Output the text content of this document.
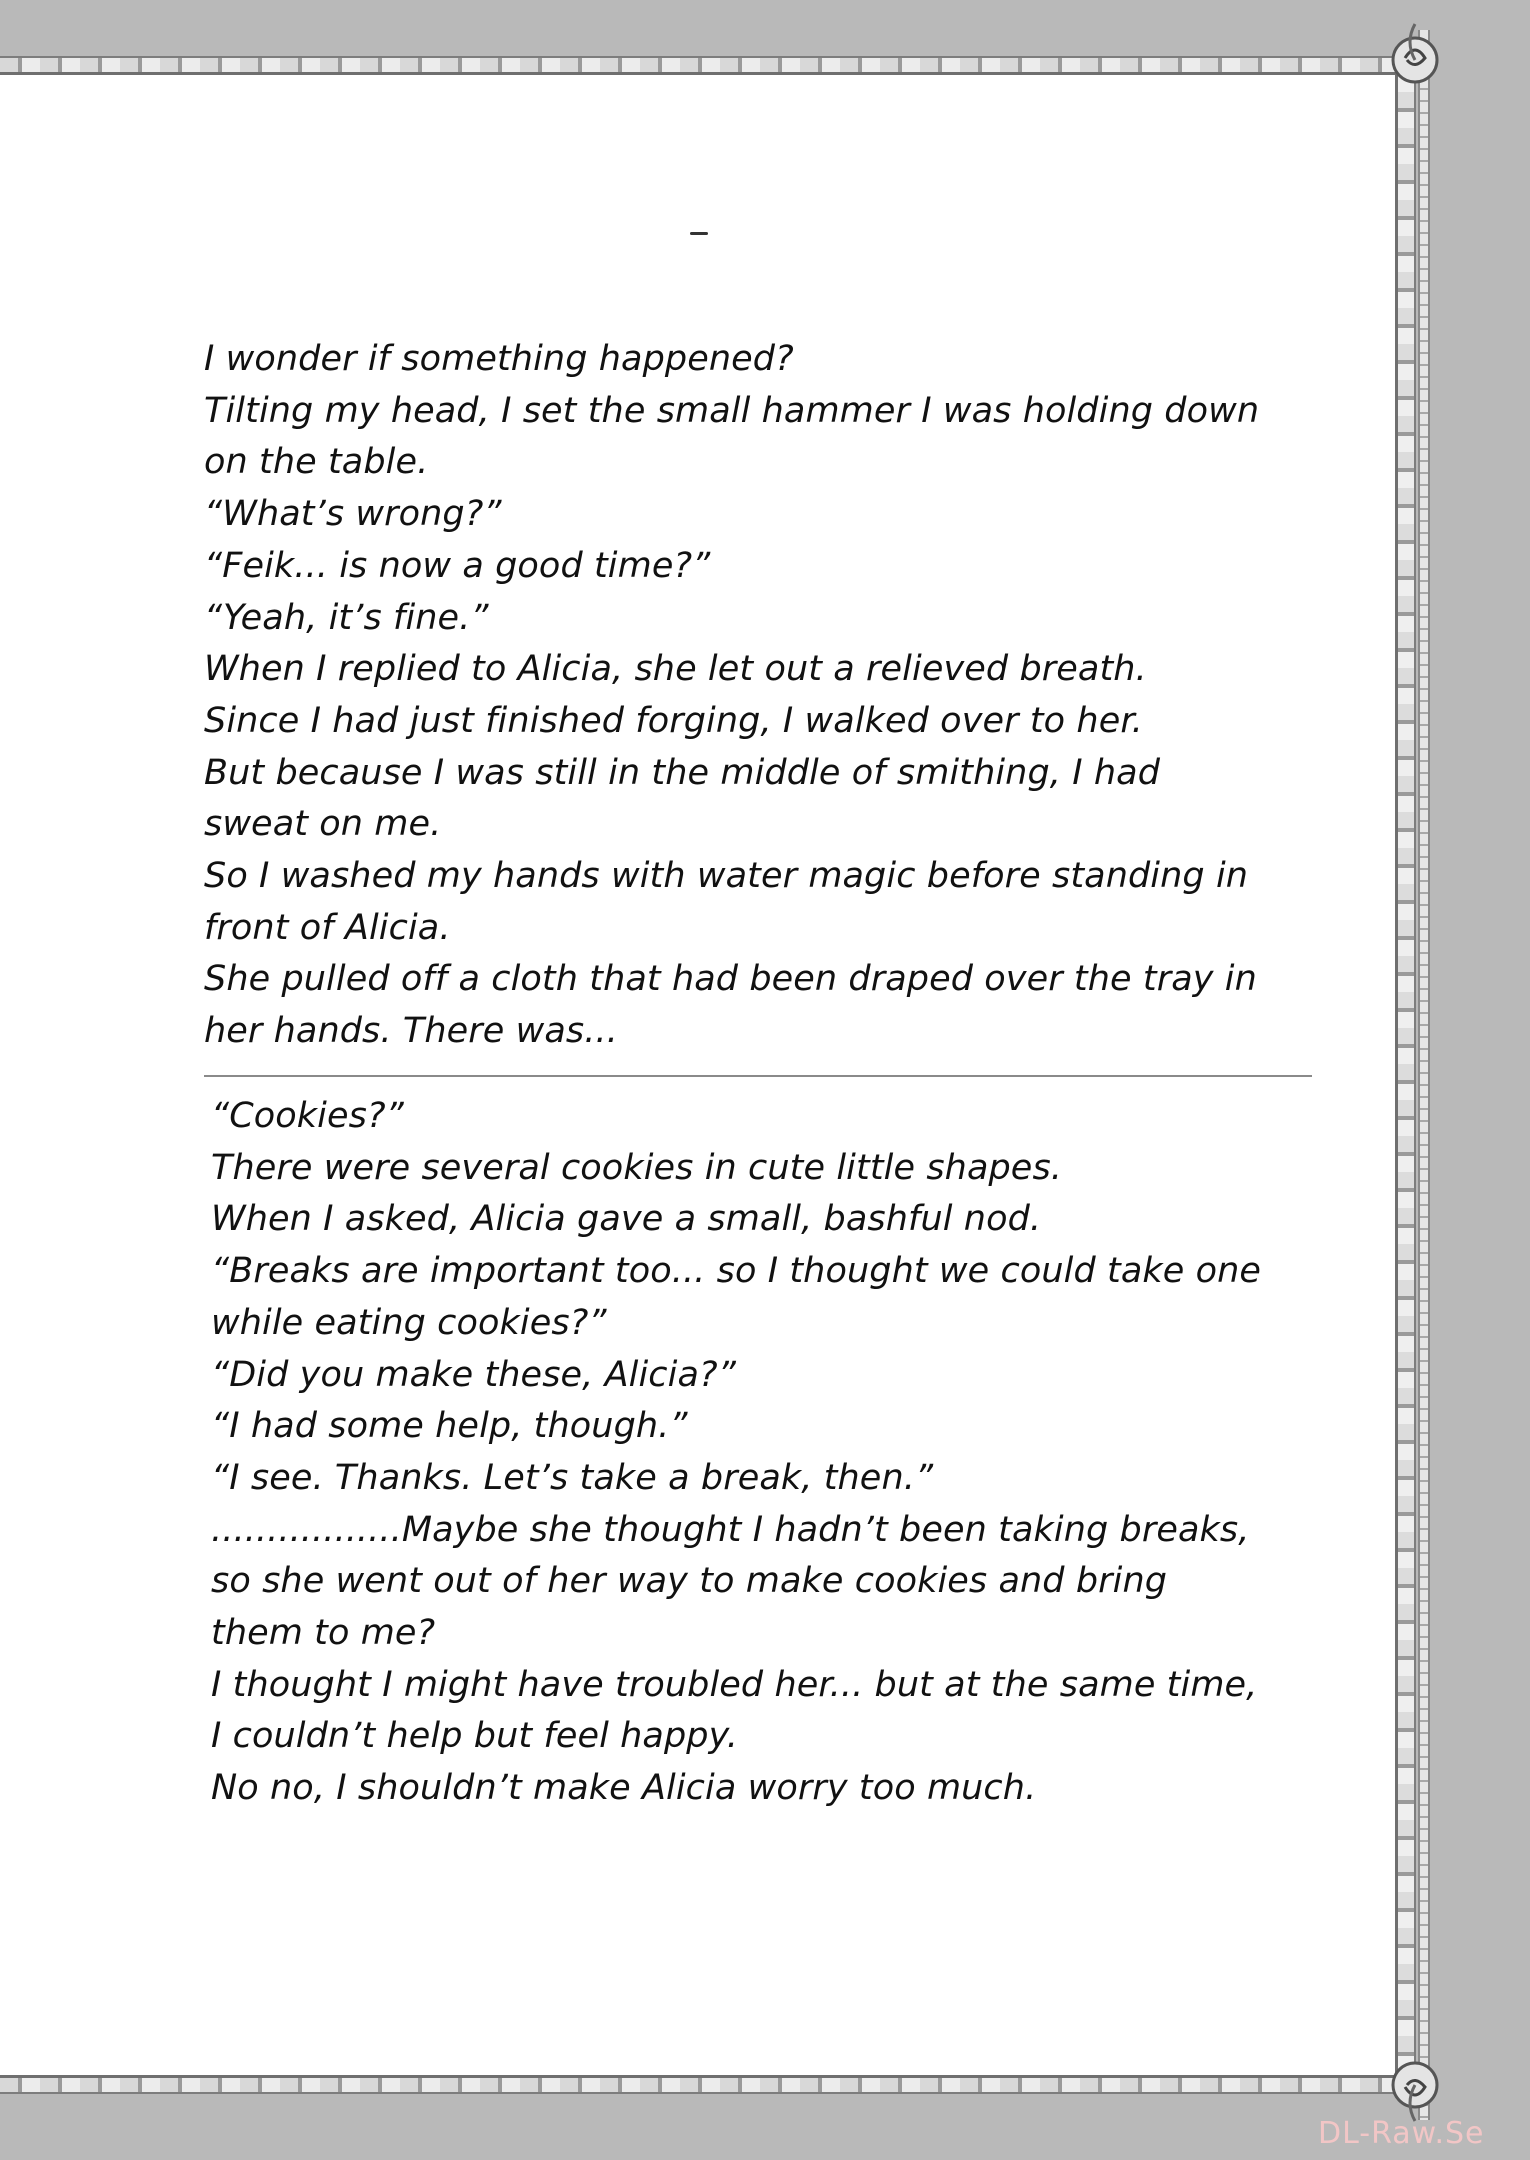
I wonder if something happened?
Tilting my head, I set the small hammer I was holding down
on the table.
“What’s wrong?”
“Feik... is now a good time?”
“Yeah, it’s fine.”
When I replied to Alicia, she let out a relieved breath.
Since I had just finished forging, I walked over to her.
But because I was still in the middle of smithing, I had
sweat on me.
So I washed my hands with water magic before standing in
front of Alicia.
She pulled off a cloth that had been draped over the tray in
her hands. There was...
“Cookies?”
There were several cookies in cute little shapes.
When I asked, Alicia gave a small, bashful nod.
“Breaks are important too... so I thought we could take one
while eating cookies?”
“Did you make these, Alicia?”
“I had some help, though.”
“I see. Thanks. Let’s take a break, then.”
.................Maybe she thought I hadn’t been taking breaks,
so she went out of her way to make cookies and bring
them to me?
I thought I might have troubled her... but at the same time,
I couldn’t help but feel happy.
No no, I shouldn’t make Alicia worry too much.
DL-Raw.Se
